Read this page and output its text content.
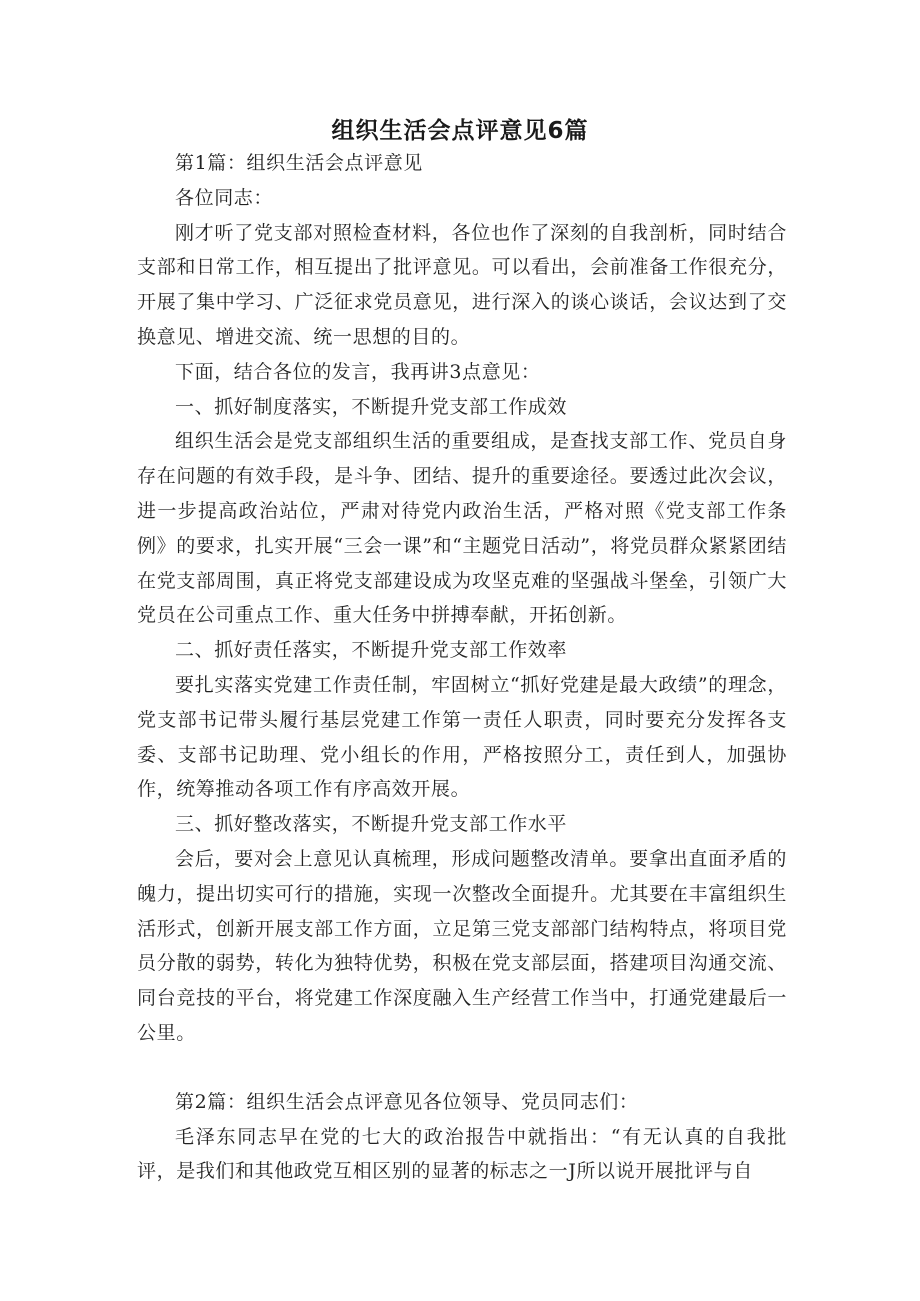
组织生活会点评意见6篇

第1篇：组织生活会点评意见

各位同志：

刚才听了党支部对照检查材料，各位也作了深刻的自我剖析，同时结合支部和日常工作，相互提出了批评意见。可以看出，会前准备工作很充分，开展了集中学习、广泛征求党员意见，进行深入的谈心谈话，会议达到了交换意见、增进交流、统一思想的目的。

下面，结合各位的发言，我再讲3点意见：

一、抓好制度落实，不断提升党支部工作成效

组织生活会是党支部组织生活的重要组成，是查找支部工作、党员自身存在问题的有效手段，是斗争、团结、提升的重要途径。要透过此次会议，进一步提高政治站位，严肃对待党内政治生活，严格对照《党支部工作条例》的要求，扎实开展“三会一课”和“主题党日活动”，将党员群众紧紧团结在党支部周围，真正将党支部建设成为攻坚克难的坚强战斗堡垒，引领广大党员在公司重点工作、重大任务中拼搏奉献，开拓创新。

二、抓好责任落实，不断提升党支部工作效率

要扎实落实党建工作责任制，牢固树立“抓好党建是最大政绩”的理念，党支部书记带头履行基层党建工作第一责任人职责，同时要充分发挥各支委、支部书记助理、党小组长的作用，严格按照分工，责任到人，加强协作，统筹推动各项工作有序高效开展。

三、抓好整改落实，不断提升党支部工作水平

会后，要对会上意见认真梳理，形成问题整改清单。要拿出直面矛盾的魄力，提出切实可行的措施，实现一次整改全面提升。尤其要在丰富组织生活形式，创新开展支部工作方面，立足第三党支部部门结构特点，将项目党员分散的弱势，转化为独特优势，积极在党支部层面，搭建项目沟通交流、同台竞技的平台，将党建工作深度融入生产经营工作当中，打通党建最后一公里。

第2篇：组织生活会点评意见各位领导、党员同志们：

毛泽东同志早在党的七大的政治报告中就指出：“有无认真的自我批评，是我们和其他政党互相区别的显著的标志之一J所以说开展批评与自
